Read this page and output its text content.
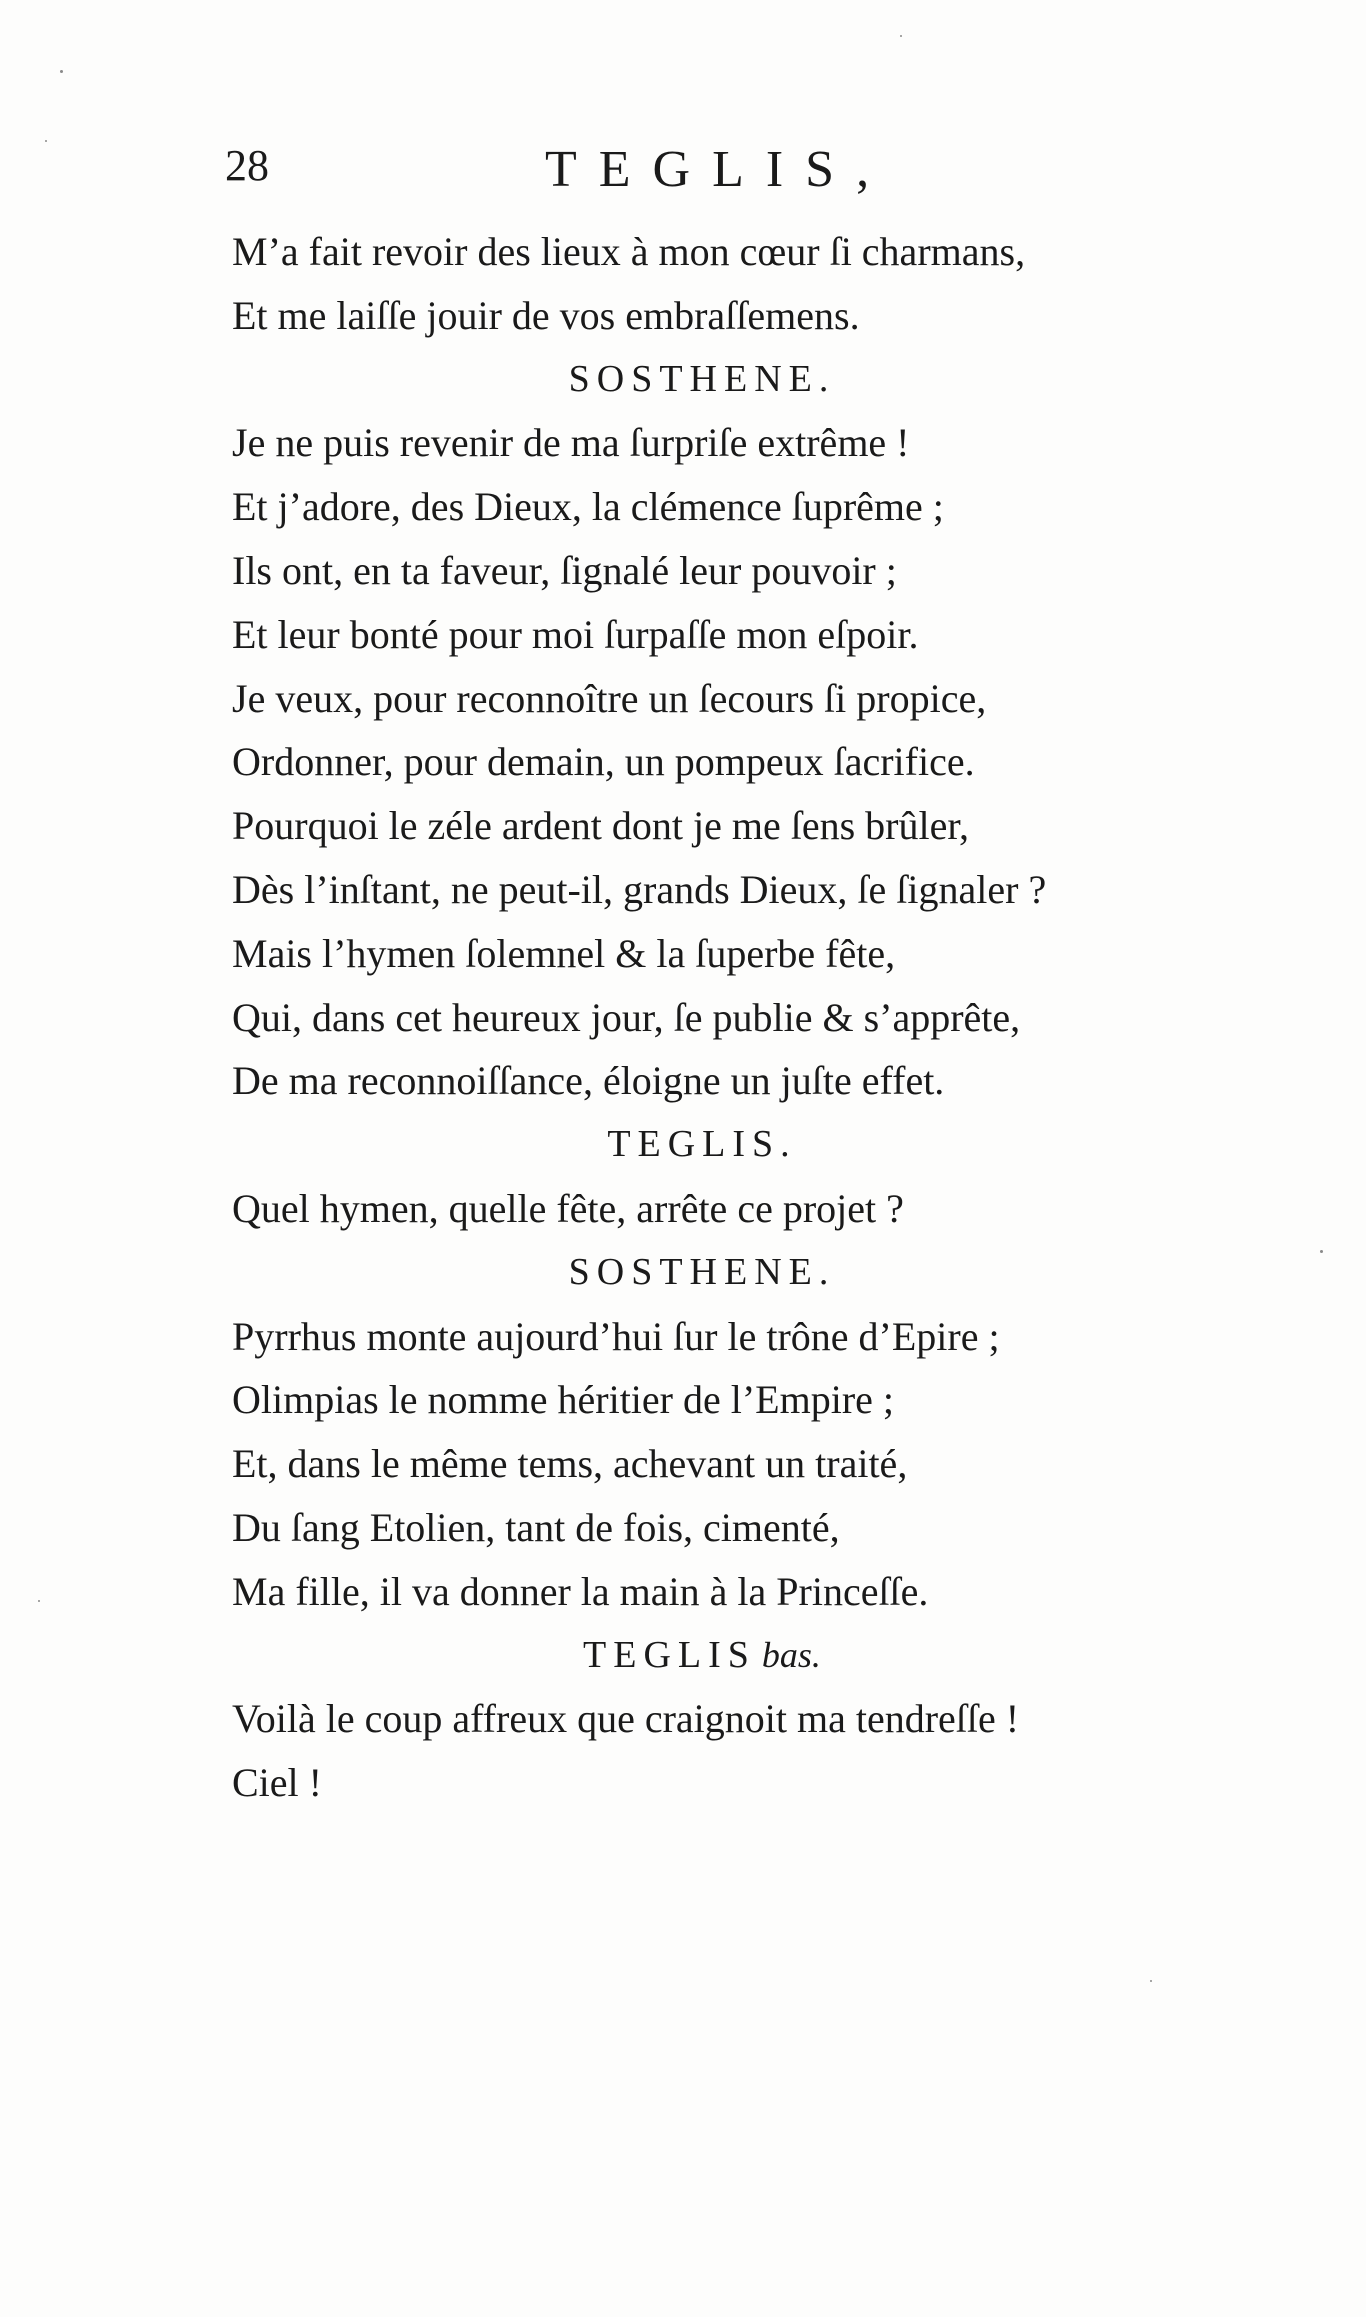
28	TEGLIS,
M’a fait revoir des lieux à mon cœur ſi charmans,
Et me laiſſe jouir de vos embraſſemens.
SOSTHENE.
Je ne puis revenir de ma ſurpriſe extrême !
Et j’adore, des Dieux, la clémence ſuprême ;
Ils ont, en ta faveur, ſignalé leur pouvoir ;
Et leur bonté pour moi ſurpaſſe mon eſpoir.
Je veux, pour reconnoître un ſecours ſi propice,
Ordonner, pour demain, un pompeux ſacrifice.
Pourquoi le zéle ardent dont je me ſens brûler,
Dès l’inſtant, ne peut-il, grands Dieux, ſe ſignaler ?
Mais l’hymen ſolemnel & la ſuperbe fête,
Qui, dans cet heureux jour, ſe publie & s’apprête,
De ma reconnoiſſance, éloigne un juſte effet.
TEGLIS.
Quel hymen, quelle fête, arrête ce projet ?
SOSTHENE.
Pyrrhus monte aujourd’hui ſur le trône d’Epire ;
Olimpias le nomme héritier de l’Empire ;
Et, dans le même tems, achevant un traité,
Du ſang Etolien, tant de fois, cimenté,
Ma fille, il va donner la main à la Princeſſe.
TEGLIS bas.
Voilà le coup affreux que craignoit ma tendreſſe !
Ciel !
